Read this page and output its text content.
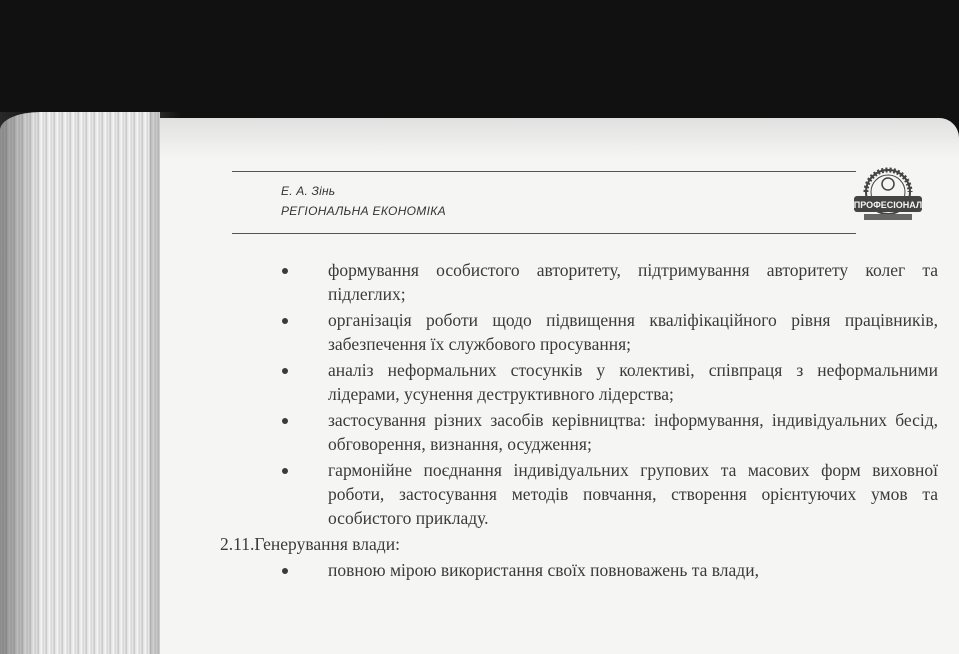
Е. А. Зінь

РЕГІОНАЛЬНА ЕКОНОМІКА	ПРОФЕСІОНАЛ

формування особистого авторитету, підтримування авторитету колег та підлеглих;

організація роботи щодо підвищення кваліфікаційного рівня працівників, забезпечення їх службового просування;

аналіз неформальних стосунків у колективі, співпраця з неформальними лідерами, усунення деструктивного лідерства;

застосування різних засобів керівництва: інформування, індивідуальних бесід, обговорення, визнання, осудження;

гармонійне поєднання індивідуальних групових та масових форм виховної роботи, застосування методів повчання, створення орієнтуючих умов та особистого прикладу.

2.11.Генерування влади:

повною мірою використання своїх повноважень та влади,
